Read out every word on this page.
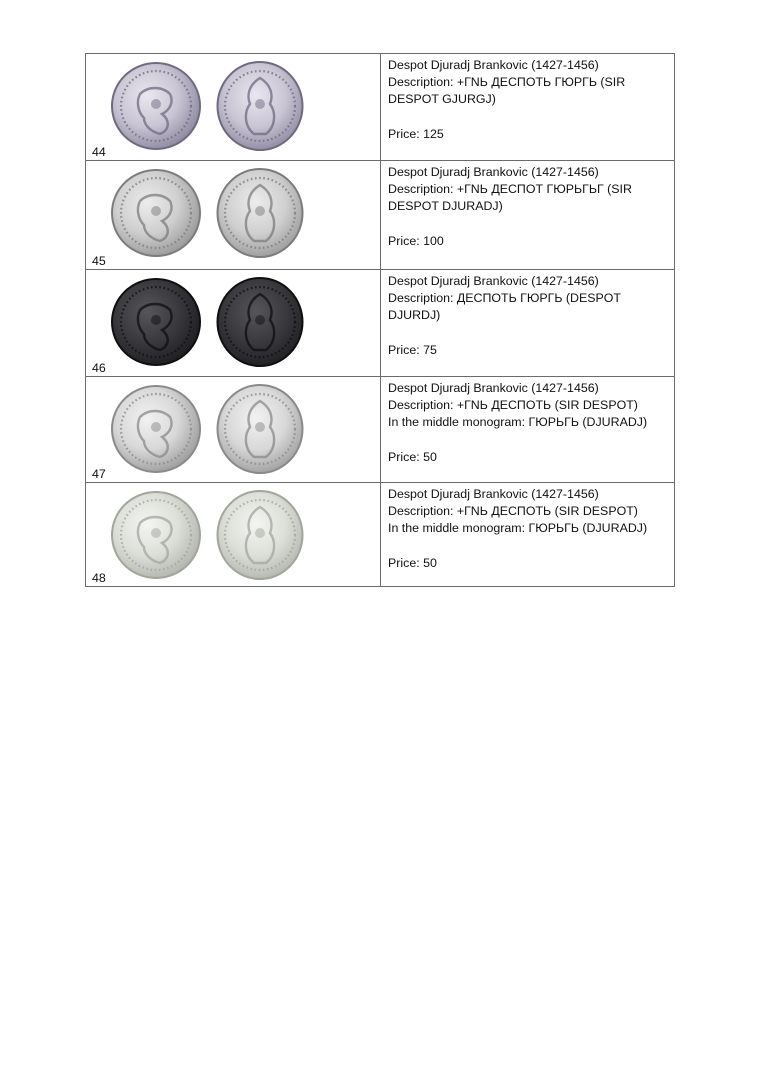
44	Despot Djuradj Brankovic (1427-1456)
Description: +ГNЬ ДЕСПОТЬ ГЮРГЬ (SIR DESPOT GJURGJ)
Price: 125

45	Despot Djuradj Brankovic (1427-1456)
Description: +ГNЬ ДЕСПОТ ГЮРЬГЬГ (SIR DESPOT DJURADJ)
Price: 100

46	Despot Djuradj Brankovic (1427-1456)
Description: ДЕСПОТЬ ГЮРГЬ (DESPOT DJURDJ)
Price: 75

47	Despot Djuradj Brankovic (1427-1456)
Description: +ГNЬ ДЕСПОТЬ (SIR DESPOT)
In the middle monogram: ГЮРЬГЬ (DJURADJ)
Price: 50

48	Despot Djuradj Brankovic (1427-1456)
Description: +ГNЬ ДЕСПОТЬ (SIR DESPOT)
In the middle monogram: ГЮРЬГЬ (DJURADJ)
Price: 50
